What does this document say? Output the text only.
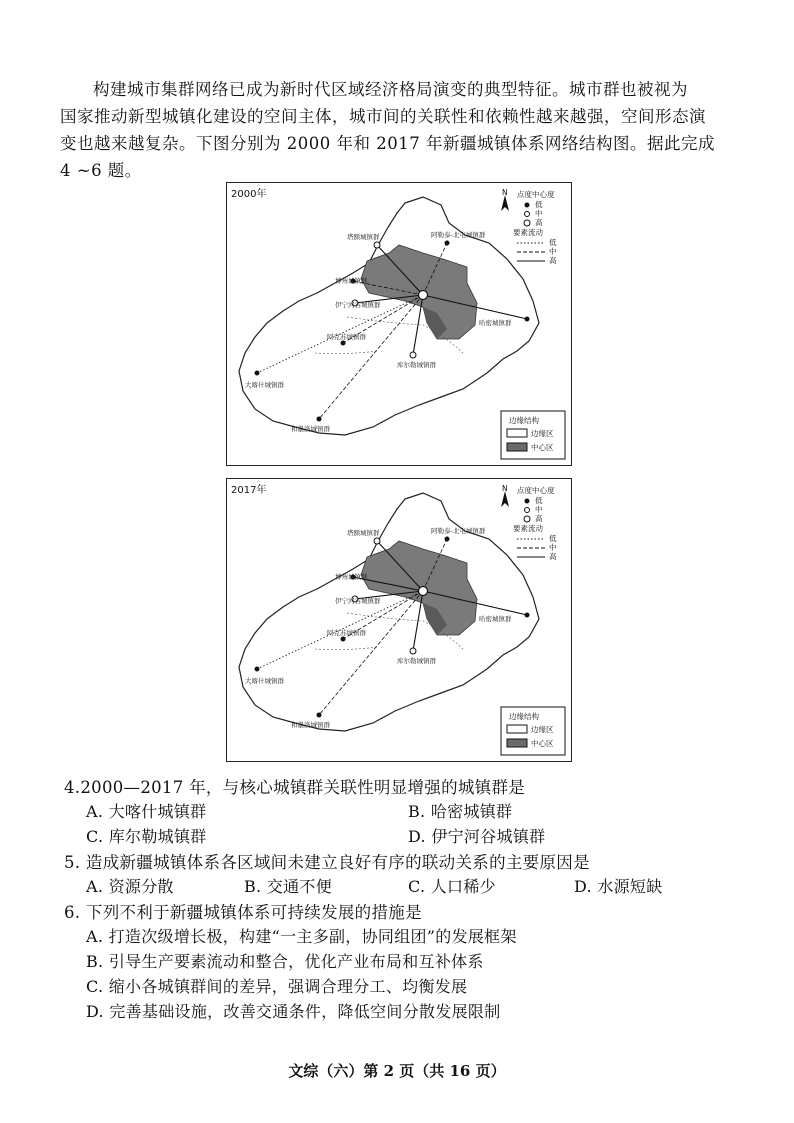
构建城市集群网络已成为新时代区域经济格局演变的典型特征。城市群也被视为
国家推动新型城镇化建设的空间主体，城市间的关联性和依赖性越来越强，空间形态演
变也越来越复杂。下图分别为 2000 年和 2017 年新疆城镇体系网络结构图。据此完成
4 ~6 题。
2000年
塔额城镇群	阿勒泰-北屯城镇群
博州城镇群
伊宁河谷城镇群
哈密城镇群
阿克苏城镇群
库尔勒城镇群
大喀什城镇群
和墨洛城镇群
N 点度中心度
低
中
高
要素流动
低
中
高
边缘结构
边缘区
中心区
2017年
塔额城镇群	阿勒泰-北屯城镇群
博州城镇群
伊宁河谷城镇群
哈密城镇群
阿克苏城镇群
库尔勒城镇群
大喀什城镇群
和墨洛城镇群
N 点度中心度
低
中
高
要素流动
低
中
高
边缘结构
边缘区
中心区
4.2000—2017 年，与核心城镇群关联性明显增强的城镇群是
A. 大喀什城镇群	B. 哈密城镇群
C. 库尔勒城镇群	D. 伊宁河谷城镇群
5. 造成新疆城镇体系各区域间未建立良好有序的联动关系的主要原因是
A. 资源分散	B. 交通不便	C. 人口稀少	D. 水源短缺
6. 下列不利于新疆城镇体系可持续发展的措施是
A. 打造次级增长极，构建“一主多副，协同组团”的发展框架
B. 引导生产要素流动和整合，优化产业布局和互补体系
C. 缩小各城镇群间的差异，强调合理分工、均衡发展
D. 完善基础设施，改善交通条件，降低空间分散发展限制
文综（六）第 2 页（共 16 页）
